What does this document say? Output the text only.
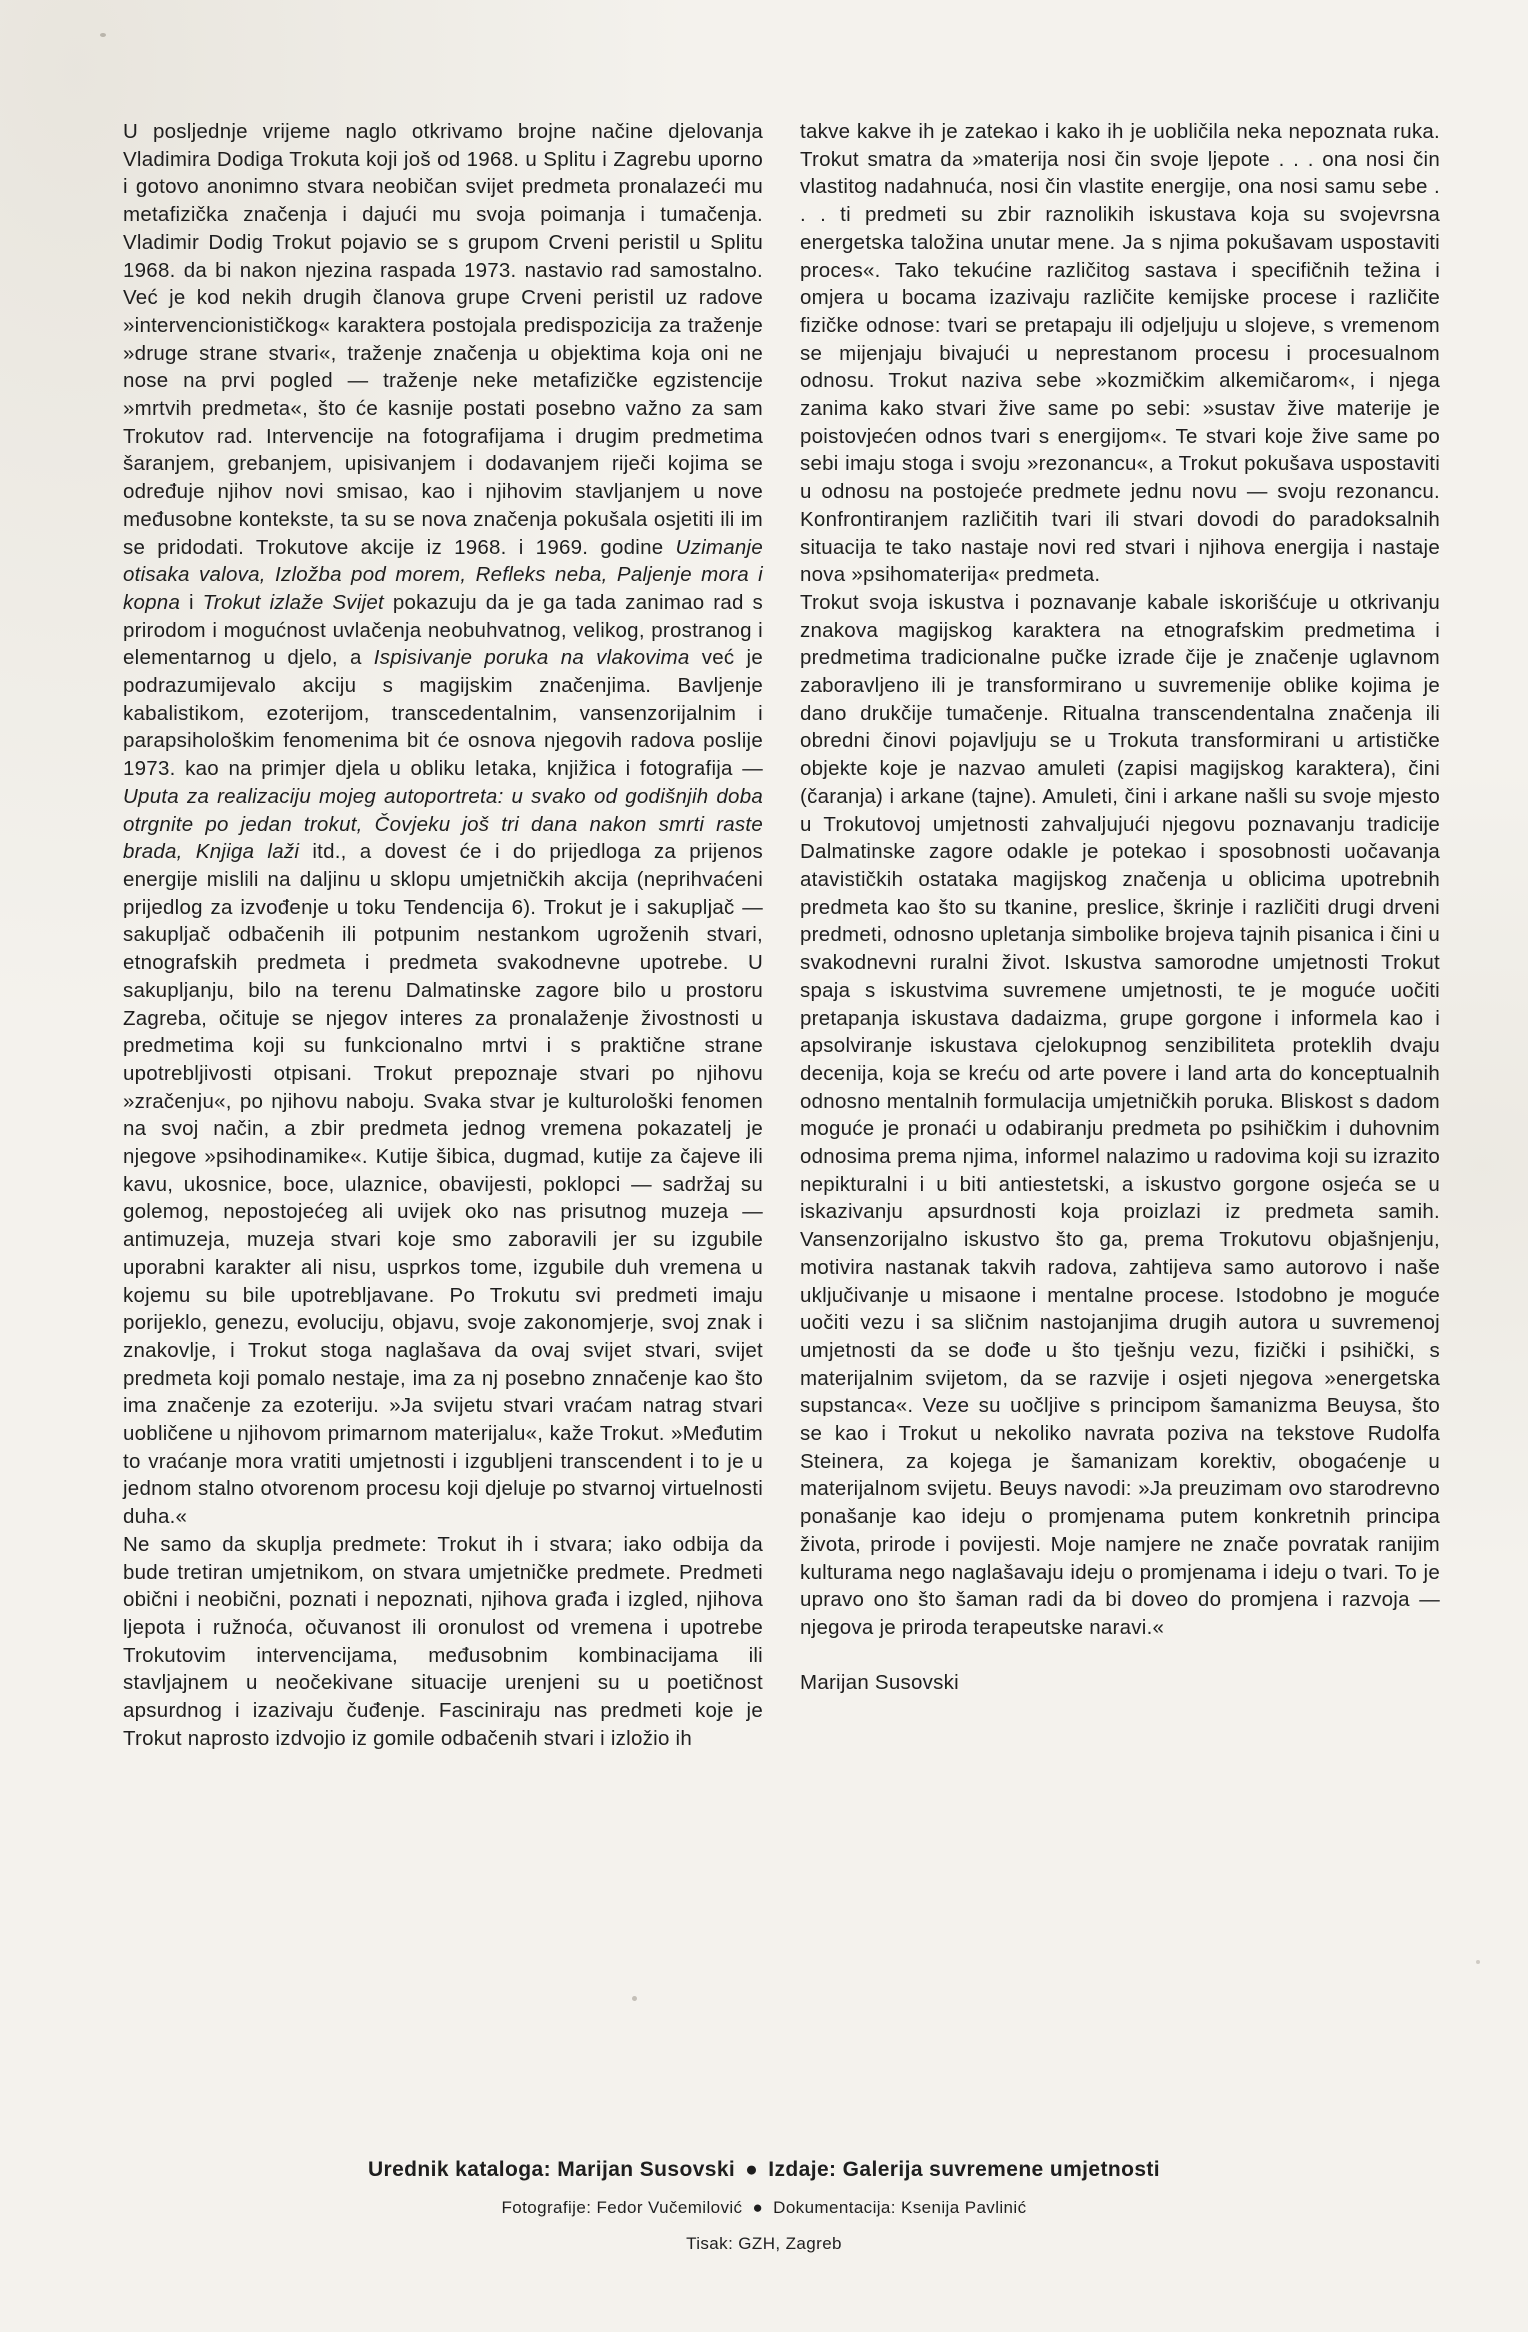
U posljednje vrijeme naglo otkrivamo brojne načine djelovanja Vladimira Dodiga Trokuta koji još od 1968. u Splitu i Zagrebu uporno i gotovo anonimno stvara neobičan svijet predmeta pronalazeći mu metafizička značenja i dajući mu svoja poimanja i tumačenja. Vladimir Dodig Trokut pojavio se s grupom Crveni peristil u Splitu 1968. da bi nakon njezina raspada 1973. nastavio rad samostalno. Već je kod nekih drugih članova grupe Crveni peristil uz radove »intervencionističkog« karaktera postojala predispozicija za traženje »druge strane stvari«, traženje značenja u objektima koja oni ne nose na prvi pogled — traženje neke metafizičke egzistencije »mrtvih predmeta«, što će kasnije postati posebno važno za sam Trokutov rad. Intervencije na fotografijama i drugim predmetima šaranjem, grebanjem, upisivanjem i dodavanjem riječi kojima se određuje njihov novi smisao, kao i njihovim stavljanjem u nove međusobne kontekste, ta su se nova značenja pokušala osjetiti ili im se pridodati. Trokutove akcije iz 1968. i 1969. godine Uzimanje otisaka valova, Izložba pod morem, Refleks neba, Paljenje mora i kopna i Trokut izlaže Svijet pokazuju da je ga tada zanimao rad s prirodom i mogućnost uvlačenja neobuhvatnog, velikog, prostranog i elementarnog u djelo, a Ispisivanje poruka na vlakovima već je podrazumijevalo akciju s magijskim značenjima. Bavljenje kabalistikom, ezoterijom, transcedentalnim, vansenzorijalnim i parapsihološkim fenomenima bit će osnova njegovih radova poslije 1973. kao na primjer djela u obliku letaka, knjižica i fotografija — Uputa za realizaciju mojeg autoportreta: u svako od godišnjih doba otrgnite po jedan trokut, Čovjeku još tri dana nakon smrti raste brada, Knjiga laži itd., a dovest će i do prijedloga za prijenos energije mislili na daljinu u sklopu umjetničkih akcija (neprihvaćeni prijedlog za izvođenje u toku Tendencija 6). Trokut je i sakupljač — sakupljač odbačenih ili potpunim nestankom ugroženih stvari, etnografskih predmeta i predmeta svakodnevne upotrebe. U sakupljanju, bilo na terenu Dalmatinske zagore bilo u prostoru Zagreba, očituje se njegov interes za pronalaženje živostnosti u predmetima koji su funkcionalno mrtvi i s praktične strane upotrebljivosti otpisani. Trokut prepoznaje stvari po njihovu »zračenju«, po njihovu naboju. Svaka stvar je kulturološki fenomen na svoj način, a zbir predmeta jednog vremena pokazatelj je njegove »psihodinamike«. Kutije šibica, dugmad, kutije za čajeve ili kavu, ukosnice, boce, ulaznice, obavijesti, poklopci — sadržaj su golemog, nepostojećeg ali uvijek oko nas prisutnog muzeja — antimuzeja, muzeja stvari koje smo zaboravili jer su izgubile uporabni karakter ali nisu, usprkos tome, izgubile duh vremena u kojemu su bile upotrebljavane. Po Trokutu svi predmeti imaju porijeklo, genezu, evoluciju, objavu, svoje zakonomjerje, svoj znak i znakovlje, i Trokut stoga naglašava da ovaj svijet stvari, svijet predmeta koji pomalo nestaje, ima za nj posebno znnačenje kao što ima značenje za ezoteriju. »Ja svijetu stvari vraćam natrag stvari uobličene u njihovom primarnom materijalu«, kaže Trokut. »Međutim to vraćanje mora vratiti umjetnosti i izgubljeni transcendent i to je u jednom stalno otvorenom procesu koji djeluje po stvarnoj virtuelnosti duha.«

Ne samo da skuplja predmete: Trokut ih i stvara; iako odbija da bude tretiran umjetnikom, on stvara umjetničke predmete. Predmeti obični i neobični, poznati i nepoznati, njihova građa i izgled, njihova ljepota i ružnoća, očuvanost ili oronulost od vremena i upotrebe Trokutovim intervencijama, međusobnim kombinacijama ili stavljajnem u neočekivane situacije urenjeni su u poetičnost apsurdnog i izazivaju čuđenje. Fasciniraju nas predmeti koje je Trokut naprosto izdvojio iz gomile odbačenih stvari i izložio ih

takve kakve ih je zatekao i kako ih je uobličila neka nepoznata ruka. Trokut smatra da »materija nosi čin svoje ljepote . . . ona nosi čin vlastitog nadahnuća, nosi čin vlastite energije, ona nosi samu sebe . . . ti predmeti su zbir raznolikih iskustava koja su svojevrsna energetska taložina unutar mene. Ja s njima pokušavam uspostaviti proces«. Tako tekućine različitog sastava i specifičnih težina i omjera u bocama izazivaju različite kemijske procese i različite fizičke odnose: tvari se pretapaju ili odjeljuju u slojeve, s vremenom se mijenjaju bivajući u neprestanom procesu i procesualnom odnosu. Trokut naziva sebe »kozmičkim alkemičarom«, i njega zanima kako stvari žive same po sebi: »sustav žive materije je poistovjećen odnos tvari s energijom«. Te stvari koje žive same po sebi imaju stoga i svoju »rezonancu«, a Trokut pokušava uspostaviti u odnosu na postojeće predmete jednu novu — svoju rezonancu. Konfrontiranjem različitih tvari ili stvari dovodi do paradoksalnih situacija te tako nastaje novi red stvari i njihova energija i nastaje nova »psihomaterija« predmeta.

Trokut svoja iskustva i poznavanje kabale iskorišćuje u otkrivanju znakova magijskog karaktera na etnografskim predmetima i predmetima tradicionalne pučke izrade čije je značenje uglavnom zaboravljeno ili je transformirano u suvremenije oblike kojima je dano drukčije tumačenje. Ritualna transcendentalna značenja ili obredni činovi pojavljuju se u Trokuta transformirani u artističke objekte koje je nazvao amuleti (zapisi magijskog karaktera), čini (čaranja) i arkane (tajne). Amuleti, čini i arkane našli su svoje mjesto u Trokutovoj umjetnosti zahvaljujući njegovu poznavanju tradicije Dalmatinske zagore odakle je potekao i sposobnosti uočavanja atavističkih ostataka magijskog značenja u oblicima upotrebnih predmeta kao što su tkanine, preslice, škrinje i različiti drugi drveni predmeti, odnosno upletanja simbolike brojeva tajnih pisanica i čini u svakodnevni ruralni život. Iskustva samorodne umjetnosti Trokut spaja s iskustvima suvremene umjetnosti, te je moguće uočiti pretapanja iskustava dadaizma, grupe gorgone i informela kao i apsolviranje iskustava cjelokupnog senzibiliteta proteklih dvaju decenija, koja se kreću od arte povere i land arta do konceptualnih odnosno mentalnih formulacija umjetničkih poruka. Bliskost s dadom moguće je pronaći u odabiranju predmeta po psihičkim i duhovnim odnosima prema njima, informel nalazimo u radovima koji su izrazito nepikturalni i u biti antiestetski, a iskustvo gorgone osjeća se u iskazivanju apsurdnosti koja proizlazi iz predmeta samih. Vansenzorijalno iskustvo što ga, prema Trokutovu objašnjenju, motivira nastanak takvih radova, zahtijeva samo autorovo i naše uključivanje u misaone i mentalne procese. Istodobno je moguće uočiti vezu i sa sličnim nastojanjima drugih autora u suvremenoj umjetnosti da se dođe u što tješnju vezu, fizički i psihički, s materijalnim svijetom, da se razvije i osjeti njegova »energetska supstanca«. Veze su uočljive s principom šamanizma Beuysa, što se kao i Trokut u nekoliko navrata poziva na tekstove Rudolfa Steinera, za kojega je šamanizam korektiv, obogaćenje u materijalnom svijetu. Beuys navodi: »Ja preuzimam ovo starodrevno ponašanje kao ideju o promjenama putem konkretnih principa života, prirode i povijesti. Moje namjere ne znače povratak ranijim kulturama nego naglašavaju ideju o promjenama i ideju o tvari. To je upravo ono što šaman radi da bi doveo do promjena i razvoja — njegova je priroda terapeutske naravi.«

Marijan Susovski

Urednik kataloga: Marijan Susovski ● Izdaje: Galerija suvremene umjetnosti
Fotografije: Fedor Vučemilović ● Dokumentacija: Ksenija Pavlinić
Tisak: GZH, Zagreb
